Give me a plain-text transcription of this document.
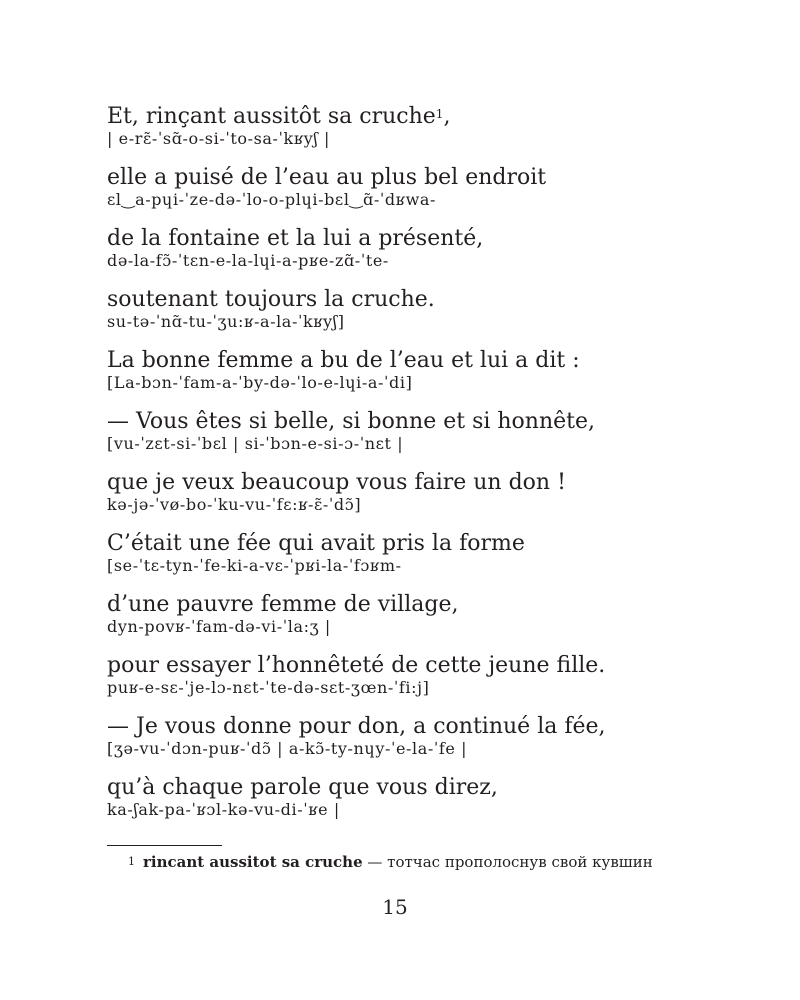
Et, rinçant aussitôt sa cruche$^1$,
| e-rɛ̃-ˈsɑ̃-o-si-ˈto-sa-ˈkʁyʃ |
elle a puisé de l’eau au plus bel endroit
ɛl‿a-pɥi-ˈze-də-ˈlo-o-plɥi-bɛl‿ɑ̃-ˈdʁwa-
de la fontaine et la lui a présenté,
də-la-fɔ̃-ˈtɛn-e-la-lɥi-a-pʁe-zɑ̃-ˈte-
soutenant toujours la cruche.
su-tə-ˈnɑ̃-tu-ˈʒu:ʁ-a-la-ˈkʁyʃ]
La bonne femme a bu de l’eau et lui a dit :
[La-bɔn-ˈfam-a-ˈby-də-ˈlo-e-lɥi-a-ˈdi]
— Vous êtes si belle, si bonne et si honnête,
[vu-ˈzɛt-si-ˈbɛl | si-ˈbɔn-e-si-ɔ-ˈnɛt |
que je veux beaucoup vous faire un don !
kə-jə-ˈvø-bo-ˈku-vu-ˈfɛ:ʁ-ɛ̃-ˈdɔ̃]
C’était une fée qui avait pris la forme
[se-ˈtɛ-tyn-ˈfe-ki-a-vɛ-ˈpʁi-la-ˈfɔʁm-
d’une pauvre femme de village,
dyn-povʁ-ˈfam-də-vi-ˈla:ʒ |
pour essayer l’honnêteté de cette jeune fille.
puʁ-e-sɛ-ˈje-lɔ-nɛt-ˈte-də-sɛt-ʒœn-ˈfi:j]
— Je vous donne pour don, a continué la fée,
[ʒə-vu-ˈdɔn-puʁ-ˈdɔ̃ | a-kɔ̃-ty-nɥy-ˈe-la-ˈfe |
qu’à chaque parole que vous direz,
ka-ʃak-pa-ˈʁɔl-kə-vu-di-ˈʁe |
$^1$ rincant aussitot sa cruche — тотчас прополоснув свой кувшин
15
